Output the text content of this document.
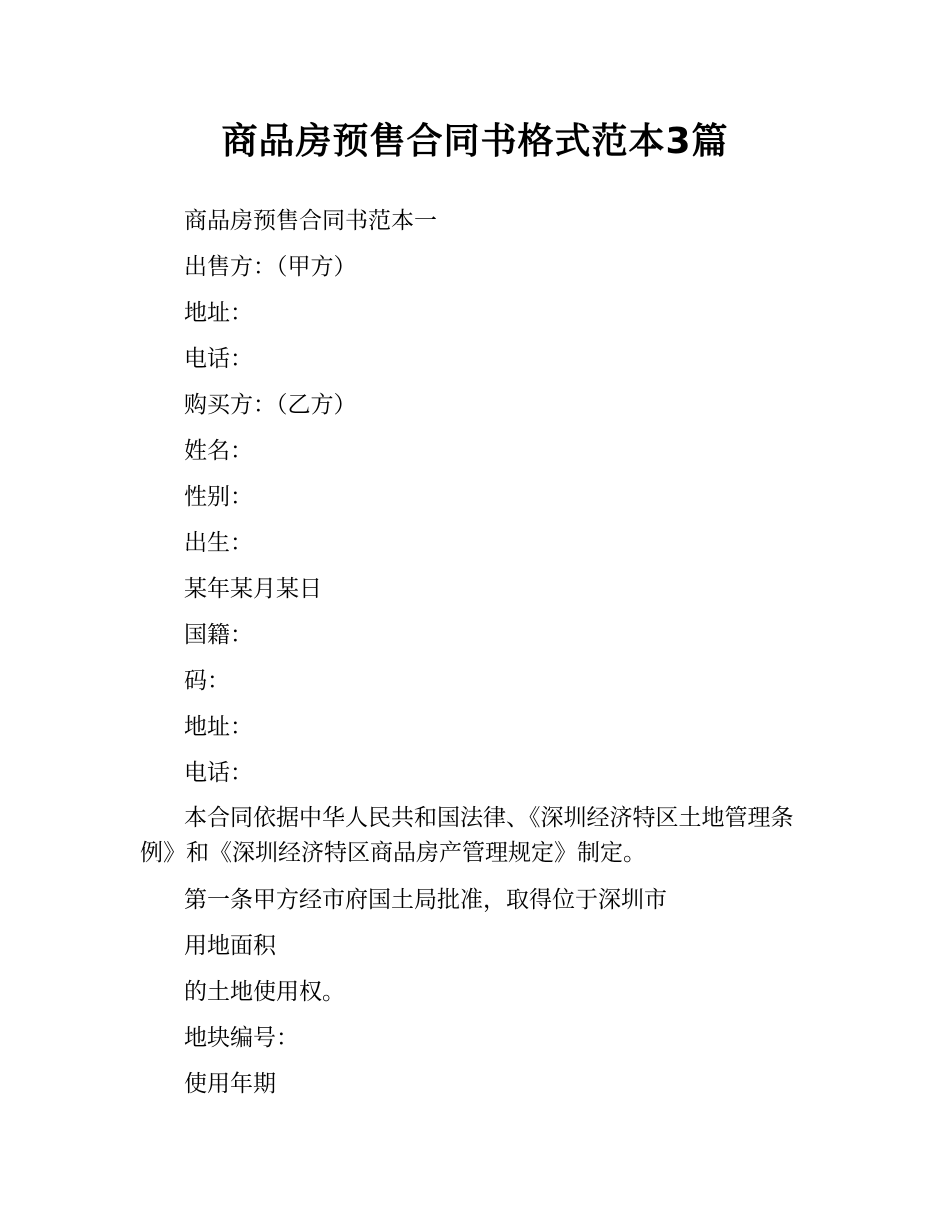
商品房预售合同书格式范本3篇

商品房预售合同书范本一

出售方：（甲方）

地址：

电话：

购买方：（乙方）

姓名：

性别：

出生：

某年某月某日

国籍：

码：

地址：

电话：

本合同依据中华人民共和国法律、《深圳经济特区土地管理条例》和《深圳经济特区商品房产管理规定》制定。

第一条甲方经市府国土局批准，取得位于深圳市

用地面积

的土地使用权。

地块编号：

使用年期
